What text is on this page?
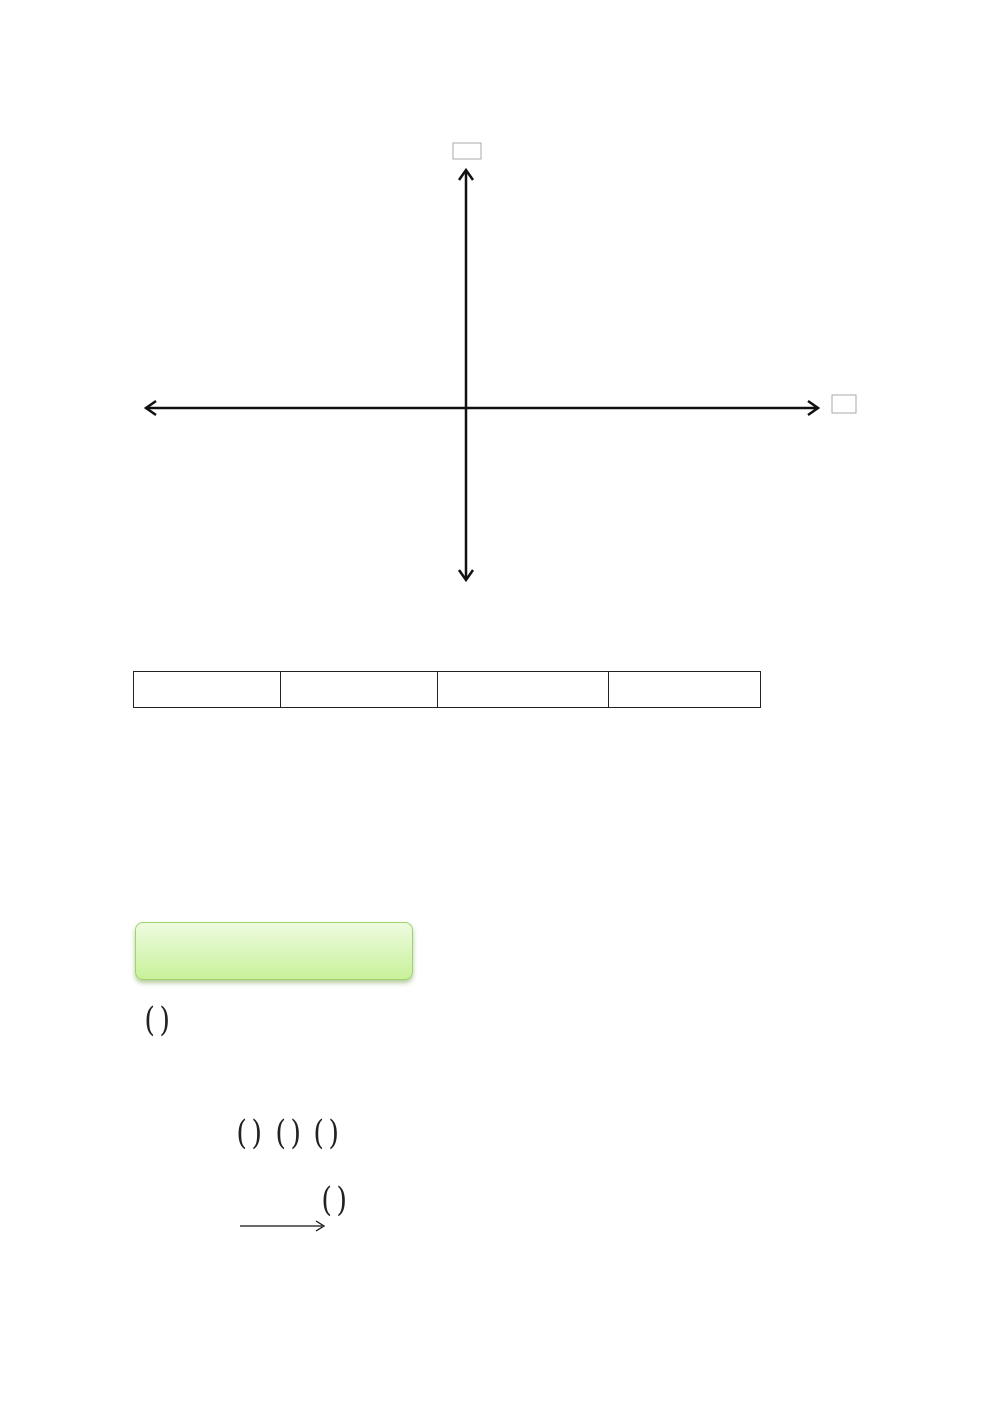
( )
( ) ( ) ( )
( )
